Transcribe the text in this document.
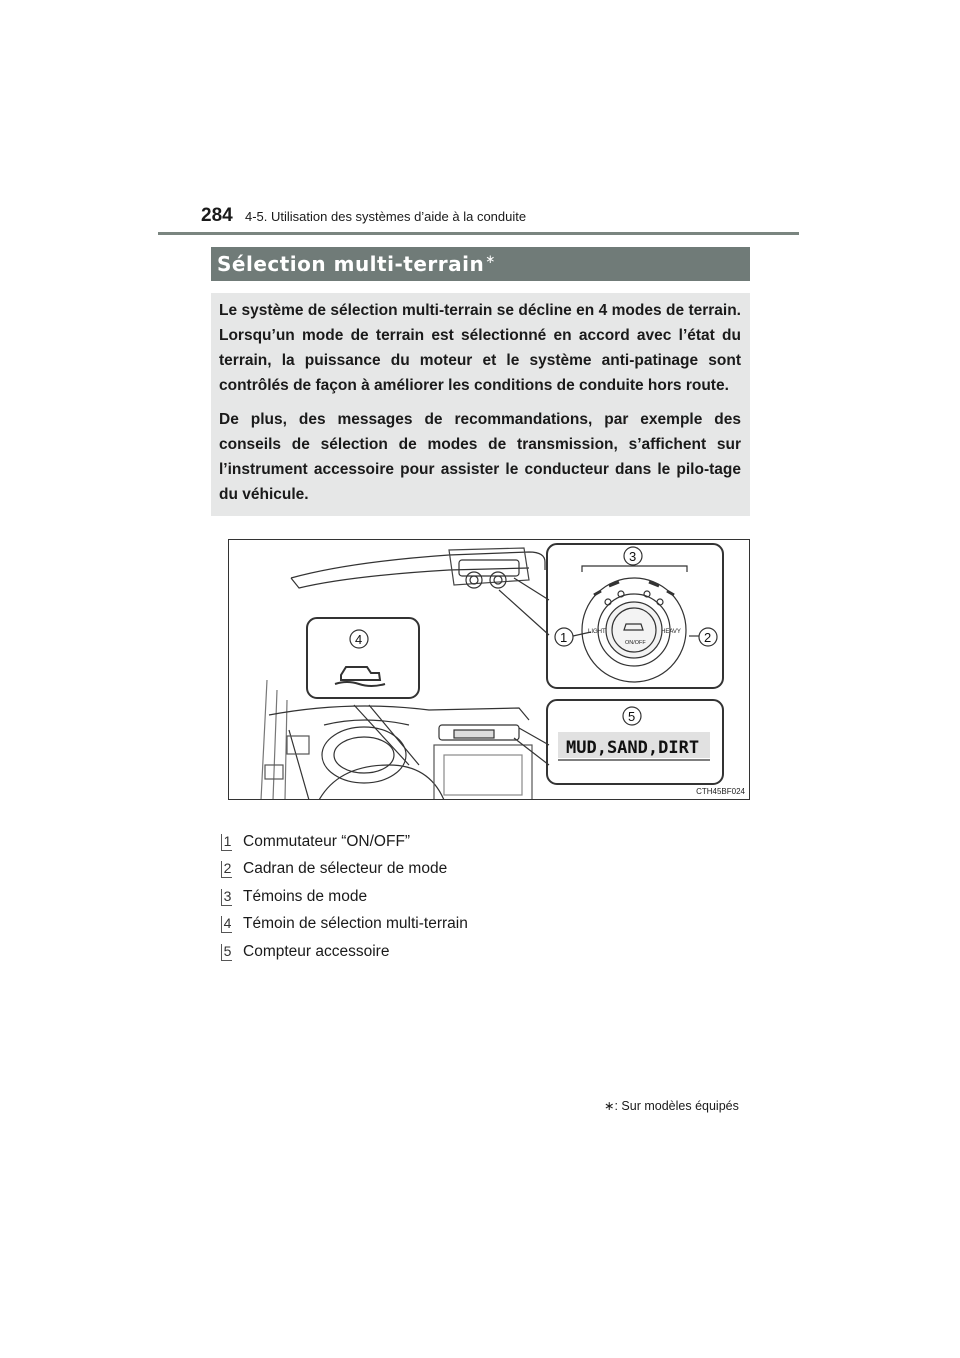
284 4-5. Utilisation des systèmes d’aide à la conduite
Sélection multi-terrain ∗

Le système de sélection multi-terrain se décline en 4 modes de terrain. Lorsqu’un mode de terrain est sélectionné en accord avec l’état du terrain, la puissance du moteur et le système anti-patinage sont contrôlés de façon à améliorer les conditions de conduite hors route.

De plus, des messages de recommandations, par exemple des conseils de sélection de modes de transmission, s’affichent sur l’instrument accessoire pour assister le conducteur dans le pilo-tage du véhicule.

LIGHT	HEAVY
ON/OFF
3
1	2
4
5
MUD,SAND,DIRT
CTH45BF024
1 Commutateur “ON/OFF”
2 Cadran de sélecteur de mode
3 Témoins de mode
4 Témoin de sélection multi-terrain
5 Compteur accessoire
∗: Sur modèles équipés
